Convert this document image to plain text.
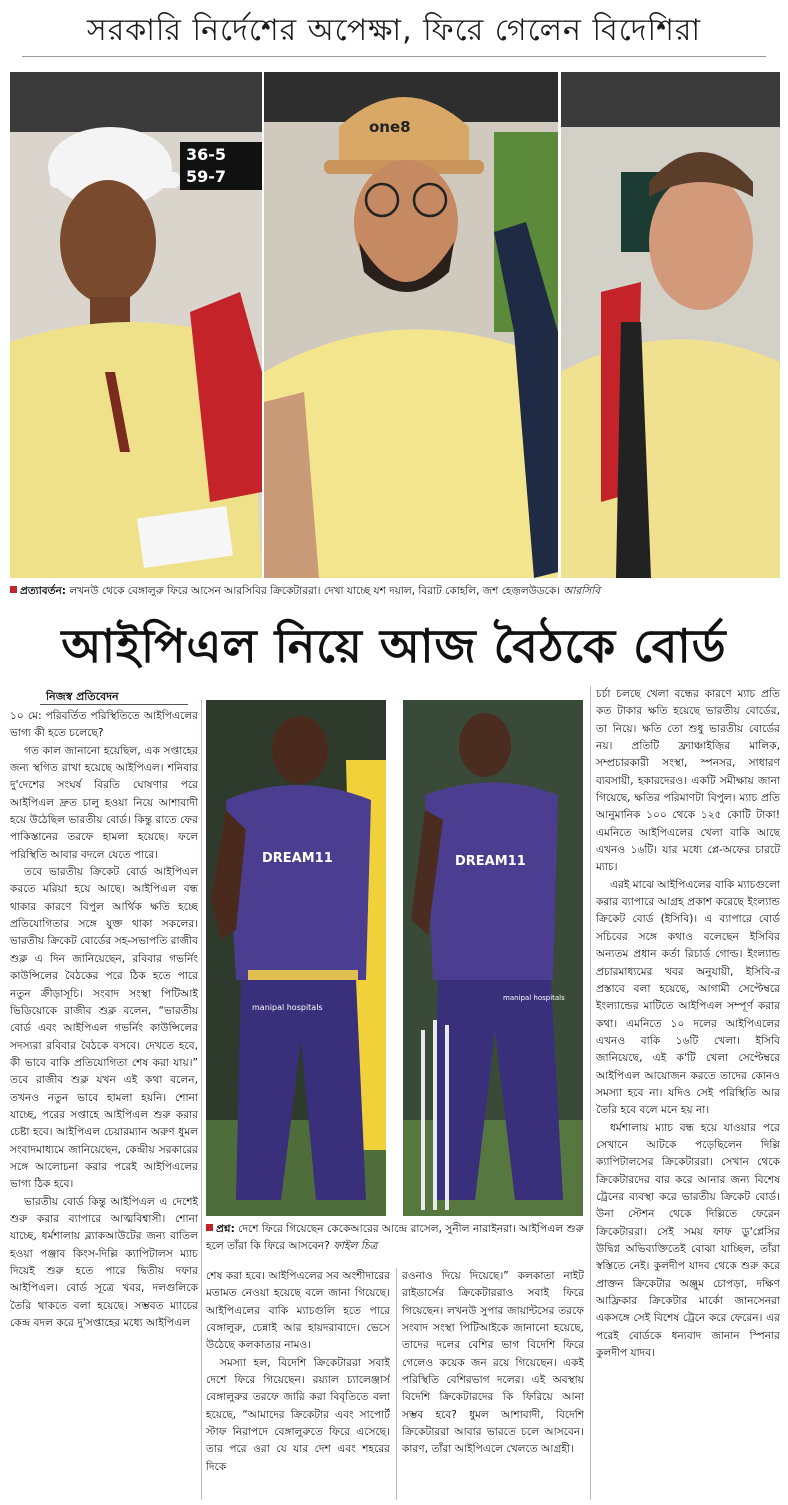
সরকারি নির্দেশের অপেক্ষা, ফিরে গেলেন বিদেশিরা
36-5
59-7
one8
প্রত্যাবর্তন: লখনউ থেকে বেঙ্গালুরু ফিরে আসেন আরসিবির ক্রিকেটাররা। দেখা যাচ্ছে যশ দয়াল, বিরাট কোহলি, জশ হেজ়লউডকে। আরসিবি
আইপিএল নিয়ে আজ বৈঠকে বোর্ড
নিজস্ব প্রতিবেদন

১০ মে: পরিবর্তিত পরিস্থিতিতে আইপিএলের ভাগ্য কী হতে চলেছে?

গত কাল জানানো হয়েছিল, এক সপ্তাহের জন্য স্থগিত রাখা হয়েছে আইপিএল। শনিবার দু'দেশের সংঘর্ষ বিরতি ঘোষণার পরে আইপিএল দ্রুত চালু হওয়া নিয়ে আশাবাদী হয়ে উঠেছিল ভারতীয় বোর্ড। কিন্তু রাতে ফের পাকিস্তানের তরফে হামলা হয়েছে। ফলে পরিস্থিতি আবার বদলে যেতে পারে।

তবে ভারতীয় ক্রিকেট বোর্ড আইপিএল করতে মরিয়া হয়ে আছে। আইপিএল বন্ধ থাকার কারণে বিপুল আর্থিক ক্ষতি হচ্ছে প্রতিযোগিতার সঙ্গে যুক্ত থাকা সকলের। ভারতীয় ক্রিকেট বোর্ডের সহ-সভাপতি রাজীব শুক্ল এ দিন জানিয়েছেন, রবিবার গভর্নিং কাউন্সিলের বৈঠকের পরে ঠিক হতে পারে নতুন ক্রীড়াসূচি। সংবাদ সংস্থা পিটিআই ভিডিয়োকে রাজীব শুক্ল বলেন, “ভারতীয় বোর্ড এবং আইপিএল গভর্নিং কাউন্সিলের সদস্যরা রবিবার বৈঠকে বসবে। দেখতে হবে, কী ভাবে বাকি প্রতিযোগিতা শেষ করা যায়।” তবে রাজীব শুক্ল যখন এই কথা বলেন, তখনও নতুন ভাবে হামলা হয়নি। শোনা যাচ্ছে, পরের সপ্তাহে আইপিএল শুরু করার চেষ্টা হবে। আইপিএল চেয়ারম্যান অরুণ ধুমল সংবাদমাধ্যমে জানিয়েছেন, কেন্দ্রীয় সরকারের সঙ্গে আলোচনা করার পরেই আইপিএলের ভাগ্য ঠিক হবে।

ভারতীয় বোর্ড কিন্তু আইপিএল এ দেশেই শুরু করার ব্যাপারে আত্মবিশ্বাসী। শোনা যাচ্ছে, ধর্মশালায় ব্ল্যাকআউটের জন্য বাতিল হওয়া পঞ্জাব কিংস-দিল্লি ক্যাপিটালস ম্যাচ দিয়েই শুরু হতে পারে দ্বিতীয় দফার আইপিএল। বোর্ড সূত্রে খবর, দলগুলিকে তৈরি থাকতে বলা হয়েছে। সম্ভবত ম্যাচের কেন্দ্র বদল করে দু'সপ্তাহের মধ্যে আইপিএল

DREAM11
manipal hospitals
DREAM11
manipal hospitals
প্রশ্ন: দেশে ফিরে গিয়েছেন কেকেআরের আন্দ্রে রাসেল, সুনীল নারাইনরা। আইপিএল শুরু হলে তাঁরা কি ফিরে আসবেন? ফাইল চিত্র

শেষ করা হবে। আইপিএলের সব অংশীদারের মতামত নেওয়া হয়েছে বলে জানা গিয়েছে। আইপিএলের বাকি ম্যাচগুলি হতে পারে বেঙ্গালুরু, চেন্নাই আর হায়দরাবাদে। ভেসে উঠেছে কলকাতার নামও।

সমস্যা হল, বিদেশি ক্রিকেটাররা সবাই দেশে ফিরে গিয়েছেন। রয়্যাল চ্যালেঞ্জার্স বেঙ্গালুরুর তরফে জারি করা বিবৃতিতে বলা হয়েছে, “আমাদের ক্রিকেটার এবং সাপোর্ট স্টাফ নিরাপদে বেঙ্গালুরুতে ফিরে এসেছে। তার পরে ওরা যে যার দেশ এবং শহরের দিকে

রওনাও দিয়ে দিয়েছে।” কলকাতা নাইট রাইডার্সের ক্রিকেটাররাও সবাই ফিরে গিয়েছেন। লখনউ সুপার জায়ান্টসের তরফে সংবাদ সংস্থা পিটিআইকে জানানো হয়েছে, তাদের দলের বেশির ভাগ বিদেশি ফিরে গেলেও কয়েক জন রয়ে গিয়েছেন। একই পরিস্থিতি বেশিরভাগ দলের। এই অবস্থায় বিদেশি ক্রিকেটারদের কি ফিরিয়ে আনা সম্ভব হবে? ধুমল আশাবাদী, বিদেশি ক্রিকেটাররা আবার ভারতে চলে আসবেন। কারণ, তাঁরা আইপিএলে খেলতে আগ্রহী।

চর্চা চলছে খেলা বন্ধের কারণে ম্যাচ প্রতি কত টাকার ক্ষতি হয়েছে ভারতীয় বোর্ডের, তা নিয়ে। ক্ষতি তো শুধু ভারতীয় বোর্ডের নয়। প্রতিটি ফ্র্যাঞ্চাইজ়ির মালিক, সম্প্রচারকারী সংস্থা, স্পনসর, সাধারণ ব্যবসায়ী, হকারদেরও। একটি সমীক্ষায় জানা গিয়েছে, ক্ষতির পরিমাণটা বিপুল। ম্যাচ প্রতি আনুমানিক ১০০ থেকে ১২৫ কোটি টাকা! এমনিতে আইপিএলের খেলা বাকি আছে এখনও ১৬টি। যার মধ্যে প্লে-অফের চারটে ম্যাচ।

এরই মাঝে আইপিএলের বাকি ম্যাচগুলো করার ব্যাপারে আগ্রহ প্রকাশ করেছে ইংল্যান্ড ক্রিকেট বোর্ড (ইসিবি)। এ ব্যাপারে বোর্ড সচিবের সঙ্গে কথাও বলেছেন ইসিবির অন্যতম প্রধান কর্তা রিচার্ড গোল্ড। ইংল্যান্ড প্রচারমাধ্যমের খবর অনুযায়ী, ইসিবি-র প্রস্তাবে বলা হয়েছে, আগামী সেপ্টেম্বরে ইংল্যান্ডের মাটিতে আইপিএল সম্পূর্ণ করার কথা। এমনিতে ১০ দলের আইপিএলের এখনও বাকি ১৬টি খেলা। ইসিবি জানিয়েছে, এই ক'টি খেলা সেপ্টেম্বরে আইপিএল আয়োজন করতে তাদের কোনও সমস্যা হবে না। যদিও সেই পরিস্থিতি আর তৈরি হবে বলে মনে হয় না।

ধর্মশালায় ম্যাচ বন্ধ হয়ে যাওয়ার পরে সেখানে আটকে পড়েছিলেন দিল্লি ক্যাপিটালসের ক্রিকেটাররা। সেখান থেকে ক্রিকেটারদের বার করে আনার জন্য বিশেষ ট্রেনের ব্যবস্থা করে ভারতীয় ক্রিকেট বোর্ড। উনা স্টেশন থেকে দিল্লিতে ফেরেন ক্রিকেটাররা। সেই সময় ফাফ ডু'প্লেসির উদ্বিগ্ন অভিব্যক্তিতেই বোঝা যাচ্ছিল, তাঁরা স্বস্তিতে নেই। কুলদীপ যাদব থেকে শুরু করে প্রাক্তন ক্রিকেটার অঞ্জুম চোপড়া, দক্ষিণ আফ্রিকার ক্রিকেটার মার্কো জানসেনরা একসঙ্গে সেই বিশেষ ট্রেনে করে ফেরেন। এর পরেই বোর্ডকে ধন্যবাদ জানান স্পিনার কুলদীপ যাদব।
